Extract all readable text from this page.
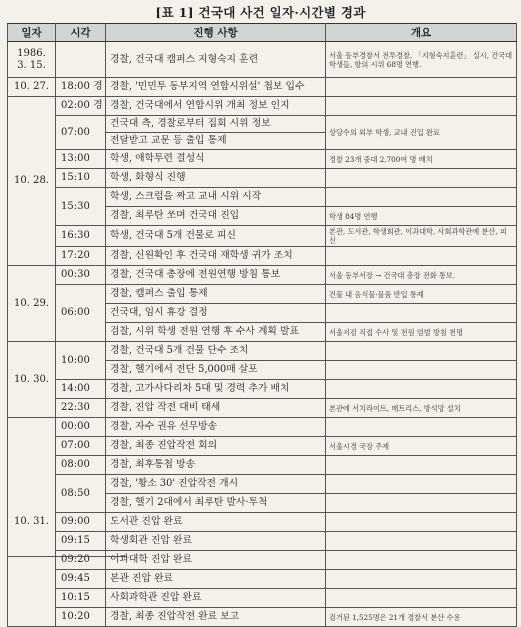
[표 1] 건국대 사건 일자·시간별 경과
일자	시각	진행 사항	개요

1986.
3. 15.		경찰, 건국대 캠퍼스 지형숙지 훈련	서울 동부경찰서 전투경찰, 「지형숙지훈련」 실시, 건국대 학생들, 항의 시위 68명 연행.
10. 27.	18:00 경	경찰, '민민투 동부지역 연합시위설' 첩보 입수	
10. 28.	02:00 경	경찰, 건국대에서 연합시위 개최 정보 인지	
	07:00	건국대 측, 경찰로부터 집회 시위 정보	상당수의 외부 학생, 교내 진입 완료
		전달받고 교문 등 출입 통제	
	13:00	학생, 애학투련 결성식	경찰 23개 중대 2,700여 명 배치
	15:10	학생, 화형식 진행	
	15:30	학생, 스크럼을 짜고 교내 시위 시작	
		경찰, 최루탄 쏘며 건국대 진입	학생 84명 연행
	16:30	학생, 건국대 5개 건물로 피신	본관, 도서관, 학생회관, 이과대학, 사회과학관에 분산, 피신

	17:20	경찰, 신원확인 후 건국대 재학생 귀가 조치	
10. 29.	00:30	경찰, 건국대 총장에 전원연행 방침 통보	서울 동부서장 → 건국대 총장 전화 통보.
	06:00	경찰, 캠퍼스 출입 통제	건물 내 음식물·물품 반입 통제
		건국대, 임시 휴강 결정	
		검찰, 시위 학생 전원 연행 후 수사 계획 발표	서울지검 직접 수사 및 전원 엄벌 방침 천명
10. 30.	10:00	경찰, 건국대 5개 건물 단수 조치	
		경찰, 헬기에서 전단 5,000매 살포	
	14:00	경찰, 고가사다리차 5대 및 경력 추가 배치	
	22:30	경찰, 진압 작전 대비 태세	본관에 서치라이트, 매트리스, 방석망 설치
10. 31.	00:00	경찰, 자수 권유 선무방송	
	07:00	경찰, 최종 진압작전 회의	서울시경 국장 주재
	08:00	경찰, 최후통첩 방송	
	08:50	경찰, '황소 30' 진압작전 개시	
		경찰, 헬기 2대에서 최루탄 발사·투척	
	09:00	도서관 진압 완료	
	09:15	학생회관 진압 완료	
	09:20	이과대학 진압 완료	
	09:45	본관 진압 완료	
	10:15	사회과학관 진압 완료	
	10:20	경찰, 최종 진압작전 완료 보고	검거된 1,525명은 21개 경찰서 분산 수용
